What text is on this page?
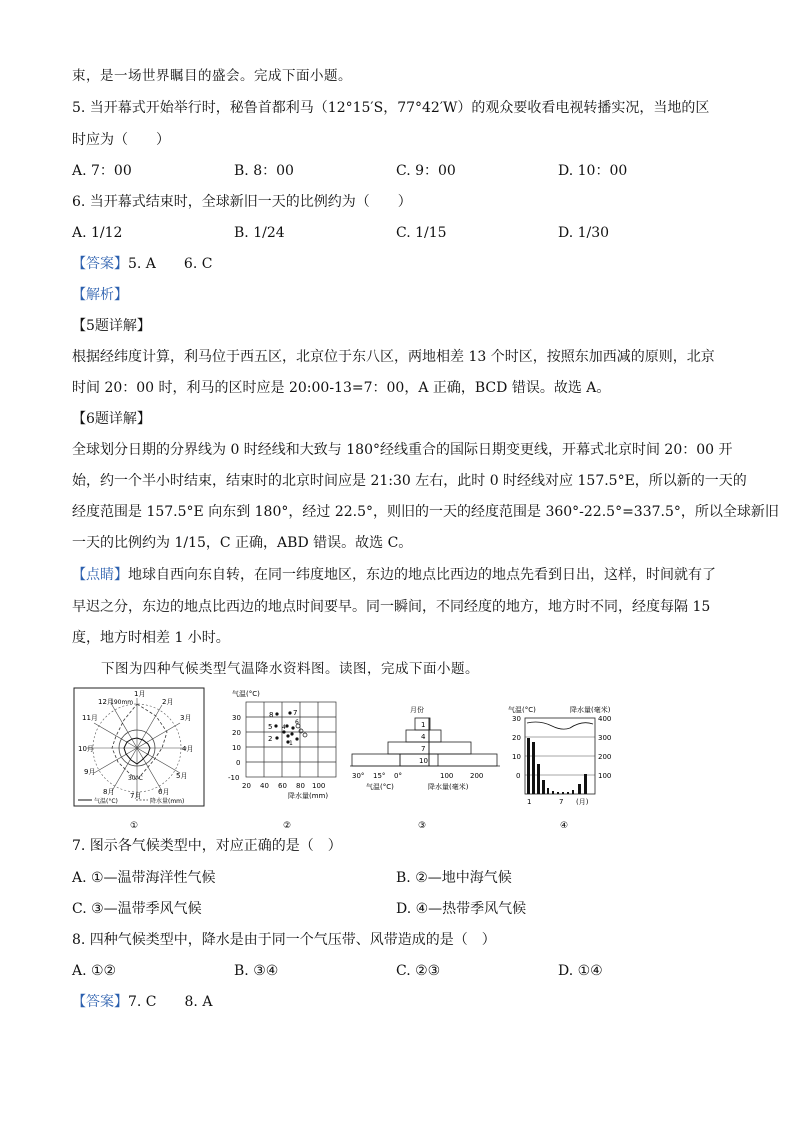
束，是一场世界瞩目的盛会。完成下面小题。
5. 当开幕式开始举行时，秘鲁首都利马（12°15′S，77°42′W）的观众要收看电视转播实况，当地的区
时应为（　　）
A. 7：00	B. 8：00	C. 9：00	D. 10：00
6. 当开幕式结束时，全球新旧一天的比例约为（　　）
A. 1/12	B. 1/24	C. 1/15	D. 1/30
【答案】5. A　　6. C
【解析】
【5题详解】
根据经纬度计算，利马位于西五区，北京位于东八区，两地相差 13 个时区，按照东加西减的原则，北京
时间 20：00 时，利马的区时应是 20:00-13=7：00，A 正确，BCD 错误。故选 A。
【6题详解】
全球划分日期的分界线为 0 时经线和大致与 180°经线重合的国际日期变更线，开幕式北京时间 20：00 开
始，约一个半小时结束，结束时的北京时间应是 21:30 左右，此时 0 时经线对应 157.5°E，所以新的一天的
经度范围是 157.5°E 向东到 180°，经过 22.5°，则旧的一天的经度范围是 360°-22.5°=337.5°，所以全球新旧
一天的比例约为 1/15，C 正确，ABD 错误。故选 C。
【点睛】地球自西向东自转，在同一纬度地区，东边的地点比西边的地点先看到日出，这样，时间就有了
早迟之分，东边的地点比西边的地点时间要早。同一瞬间，不同经度的地方，地方时不同，经度每隔 15
度，地方时相差 1 小时。
下图为四种气候类型气温降水资料图。读图，完成下面小题。
1月
2月
3月
4月
5月
6月
7月
8月
9月
10月
11月
12月
190mm
30°C
气温(°C)	降水量(mm)
①
气温(°C)
30
20
10
0
-10
20 40 60 80 100
降水量(mm)
8	7
5 4
6
2
1
②
月份
1
4
7
10
30° 15° 0°	100 200
气温(°C)	降水量(毫米)
③
气温(°C)	降水量(毫米)
30
20
10
0
400
300
200
100
1	7 (月)
④
7. 图示各气候类型中，对应正确的是（　）
A. ①—温带海洋性气候	B. ②—地中海气候
C. ③—温带季风气候	D. ④—热带季风气候
8. 四种气候类型中，降水是由于同一个气压带、风带造成的是（　）
A. ①②	B. ③④	C. ②③	D. ①④
【答案】7. C　　8. A
